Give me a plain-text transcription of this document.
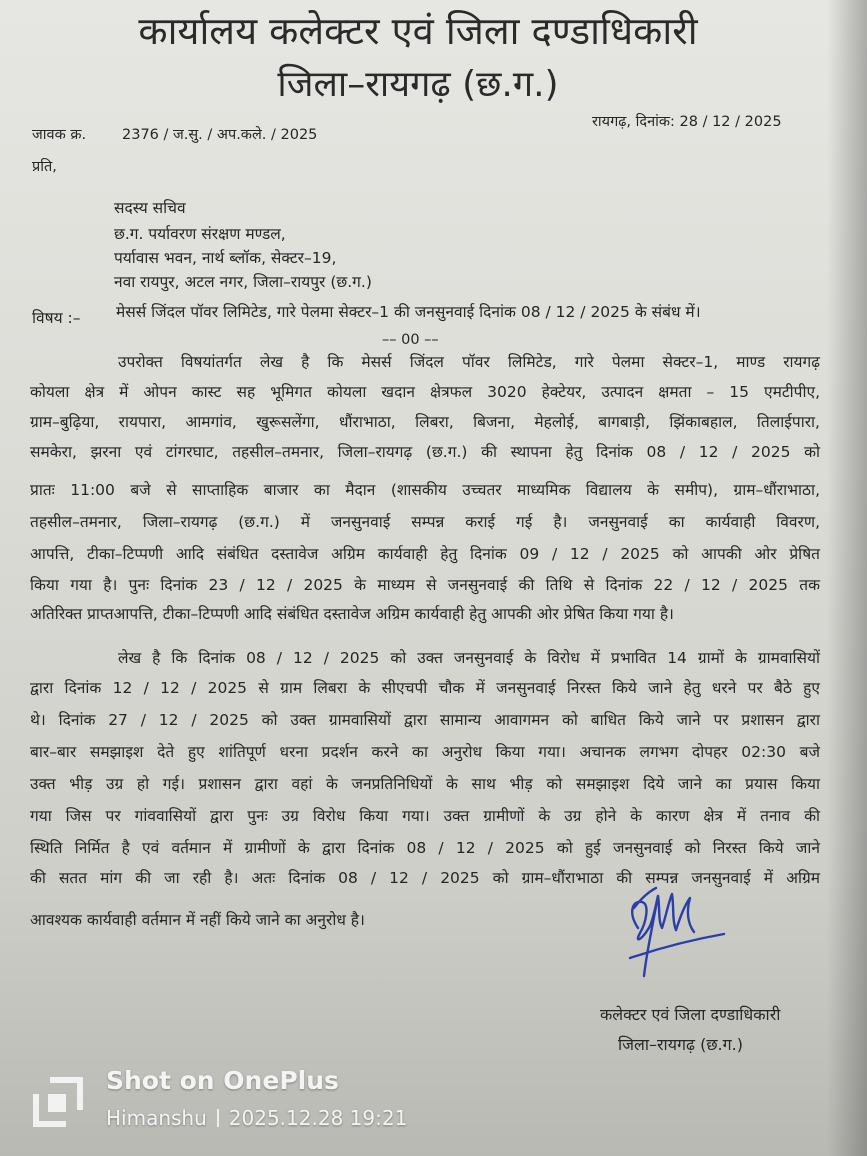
कार्यालय कलेक्टर एवं जिला दण्डाधिकारी
जिला–रायगढ़ (छ.ग.)
रायगढ़, दिनांक: 28 / 12 / 2025
जावक क्र. 2376 / ज.सु. / अप.कले. / 2025
प्रति,
सदस्य सचिव
छ.ग. पर्यावरण संरक्षण मण्डल,
पर्यावास भवन, नार्थ ब्लॉक, सेक्टर–19,
नवा रायपुर, अटल नगर, जिला–रायपुर (छ.ग.)
विषय :– मेसर्स जिंदल पॉवर लिमिटेड, गारे पेलमा सेक्टर–1 की जनसुनवाई दिनांक 08 / 12 / 2025 के संबंध में।
–– 00 ––
उपरोक्त विषयांतर्गत लेख है कि मेसर्स जिंदल पॉवर लिमिटेड, गारे पेलमा सेक्टर–1, माण्ड रायगढ़
कोयला क्षेत्र में ओपन कास्ट सह भूमिगत कोयला खदान क्षेत्रफल 3020 हेक्टेयर, उत्पादन क्षमता – 15 एमटीपीए,
ग्राम–बुढ़िया, रायपारा, आमगांव, खुरूसलेंगा, धौंराभाठा, लिबरा, बिजना, मेहलोई, बागबाड़ी, झिंकाबहाल, तिलाईपारा,
समकेरा, झरना एवं टांगरघाट, तहसील–तमनार, जिला–रायगढ़ (छ.ग.) की स्थापना हेतु दिनांक 08 / 12 / 2025 को
प्रातः 11:00 बजे से साप्ताहिक बाजार का मैदान (शासकीय उच्चतर माध्यमिक विद्यालय के समीप), ग्राम–धौंराभाठा,
तहसील–तमनार, जिला–रायगढ़ (छ.ग.) में जनसुनवाई सम्पन्न कराई गई है। जनसुनवाई का कार्यवाही विवरण,
आपत्ति, टीका–टिप्पणी आदि संबंधित दस्तावेज अग्रिम कार्यवाही हेतु दिनांक 09 / 12 / 2025 को आपकी ओर प्रेषित
किया गया है। पुनः दिनांक 23 / 12 / 2025 के माध्यम से जनसुनवाई की तिथि से दिनांक 22 / 12 / 2025 तक
अतिरिक्त प्राप्तआपत्ति, टीका–टिप्पणी आदि संबंधित दस्तावेज अग्रिम कार्यवाही हेतु आपकी ओर प्रेषित किया गया है।
लेख है कि दिनांक 08 / 12 / 2025 को उक्त जनसुनवाई के विरोध में प्रभावित 14 ग्रामों के ग्रामवासियों
द्वारा दिनांक 12 / 12 / 2025 से ग्राम लिबरा के सीएचपी चौक में जनसुनवाई निरस्त किये जाने हेतु धरने पर बैठे हुए
थे। दिनांक 27 / 12 / 2025 को उक्त ग्रामवासियों द्वारा सामान्य आवागमन को बाधित किये जाने पर प्रशासन द्वारा
बार–बार समझाइश देते हुए शांतिपूर्ण धरना प्रदर्शन करने का अनुरोध किया गया। अचानक लगभग दोपहर 02:30 बजे
उक्त भीड़ उग्र हो गई। प्रशासन द्वारा वहां के जनप्रतिनिधियों के साथ भीड़ को समझाइश दिये जाने का प्रयास किया
गया जिस पर गांववासियों द्वारा पुनः उग्र विरोध किया गया। उक्त ग्रामीणों के उग्र होने के कारण क्षेत्र में तनाव की
स्थिति निर्मित है एवं वर्तमान में ग्रामीणों के द्वारा दिनांक 08 / 12 / 2025 को हुई जनसुनवाई को निरस्त किये जाने
की सतत मांग की जा रही है। अतः दिनांक 08 / 12 / 2025 को ग्राम–धौंराभाठा की सम्पन्न जनसुनवाई में अग्रिम
आवश्यक कार्यवाही वर्तमान में नहीं किये जाने का अनुरोध है।
कलेक्टर एवं जिला दण्डाधिकारी
जिला–रायगढ़ (छ.ग.)
Shot on OnePlus
Himanshu 2025.12.28 19:21
